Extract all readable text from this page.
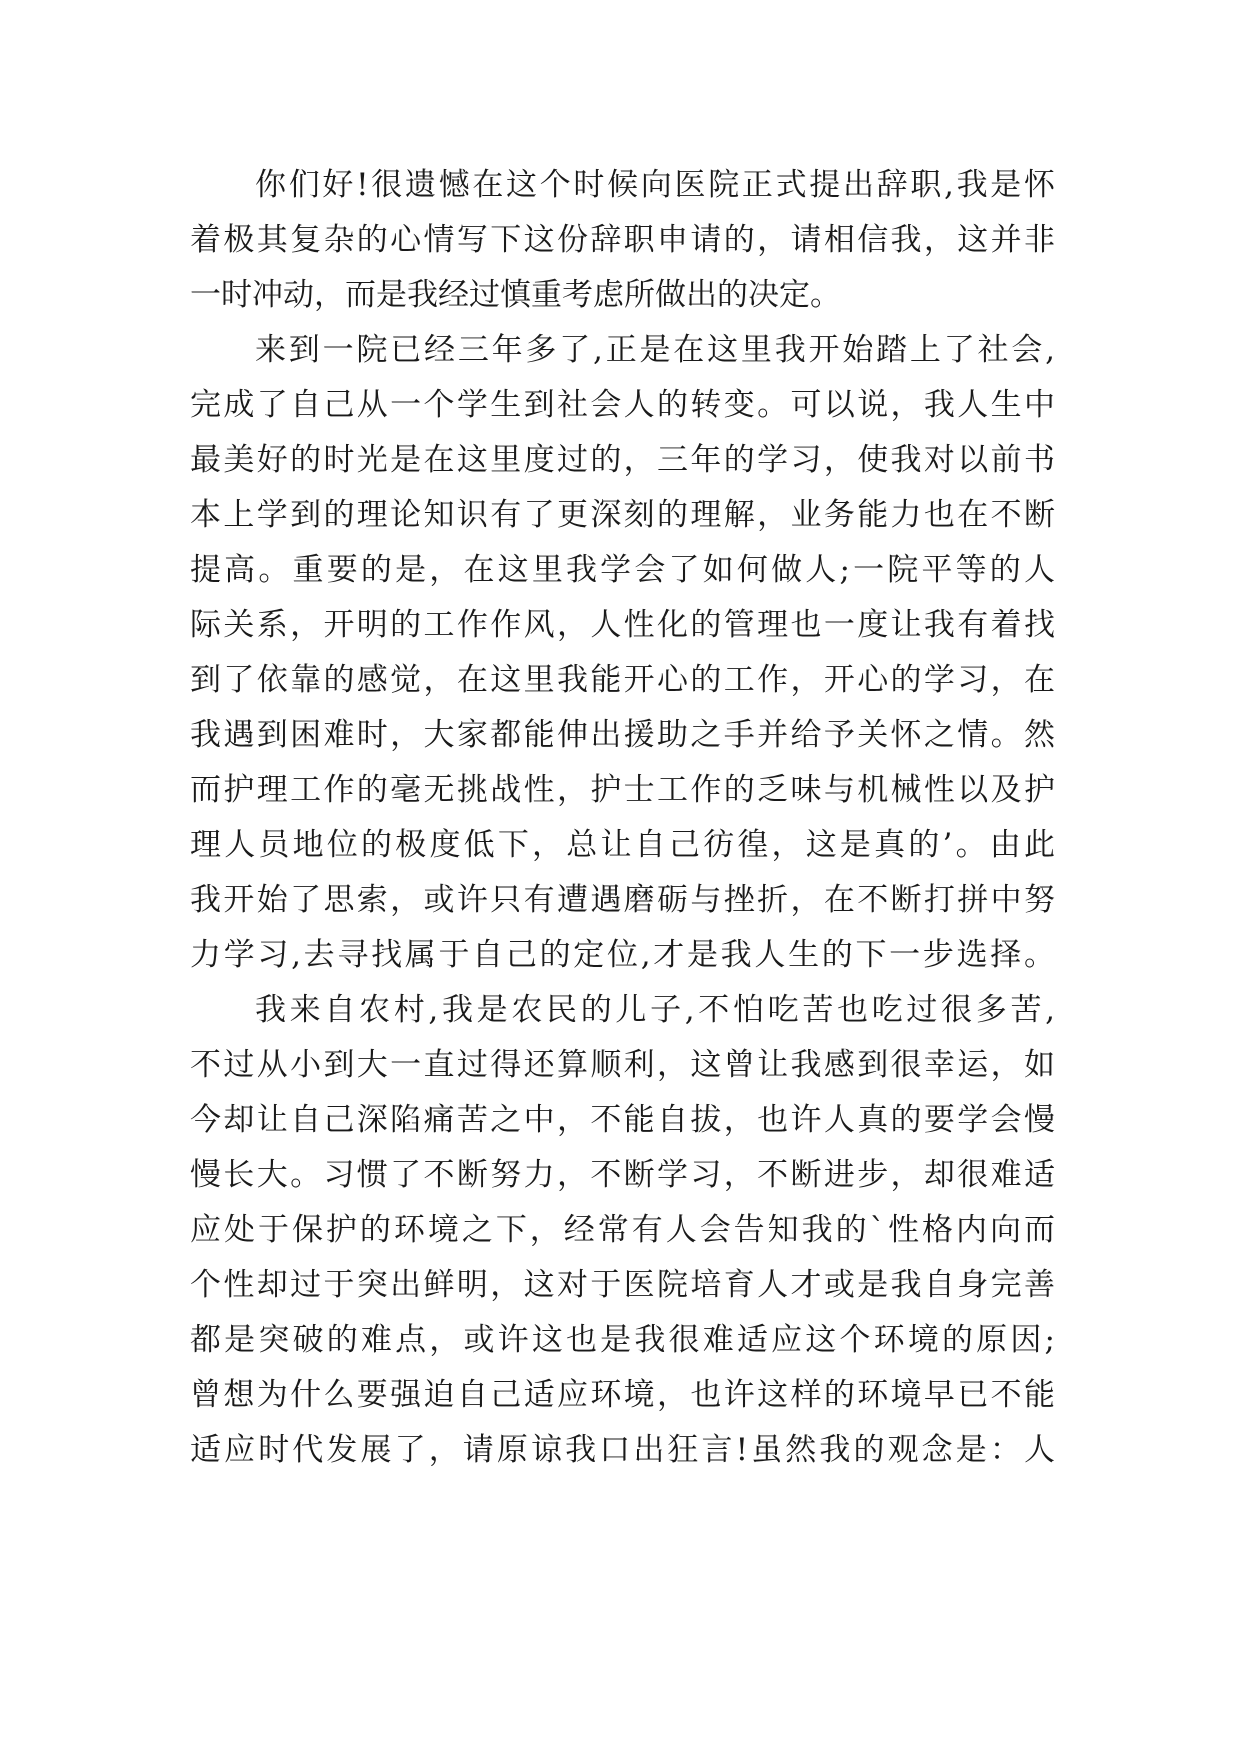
你们好!很遗憾在这个时候向医院正式提出辞职,我是怀
着极其复杂的心情写下这份辞职申请的，请相信我，这并非
一时冲动，而是我经过慎重考虑所做出的决定。
来到一院已经三年多了,正是在这里我开始踏上了社会,
完成了自己从一个学生到社会人的转变。可以说，我人生中
最美好的时光是在这里度过的，三年的学习，使我对以前书
本上学到的理论知识有了更深刻的理解，业务能力也在不断
提高。重要的是，在这里我学会了如何做人;一院平等的人
际关系，开明的工作作风，人性化的管理也一度让我有着找
到了依靠的感觉，在这里我能开心的工作，开心的学习，在
我遇到困难时，大家都能伸出援助之手并给予关怀之情。然
而护理工作的毫无挑战性，护士工作的乏味与机械性以及护
理人员地位的极度低下，总让自己彷徨，这是真的’。由此
我开始了思索，或许只有遭遇磨砺与挫折，在不断打拼中努
力学习,去寻找属于自己的定位,才是我人生的下一步选择。
我来自农村,我是农民的儿子,不怕吃苦也吃过很多苦,
不过从小到大一直过得还算顺利，这曾让我感到很幸运，如
今却让自己深陷痛苦之中，不能自拔，也许人真的要学会慢
慢长大。习惯了不断努力，不断学习，不断进步，却很难适
应处于保护的环境之下，经常有人会告知我的`性格内向而
个性却过于突出鲜明，这对于医院培育人才或是我自身完善
都是突破的难点，或许这也是我很难适应这个环境的原因;
曾想为什么要强迫自己适应环境，也许这样的环境早已不能
适应时代发展了，请原谅我口出狂言!虽然我的观念是：人
